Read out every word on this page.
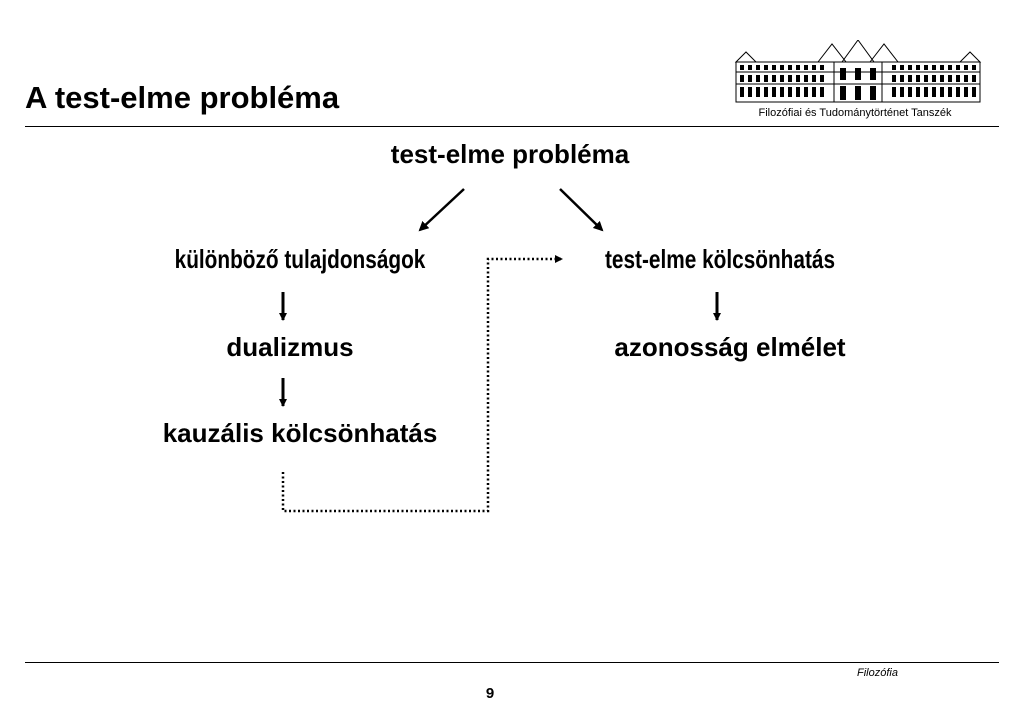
A test-elme probléma	Filozófiai és Tudománytörténet Tanszék
test-elme probléma
különböző tulajdonságok	test-elme kölcsönhatás
dualizmus	azonosság elmélet
kauzális kölcsönhatás
Filozófia
9
